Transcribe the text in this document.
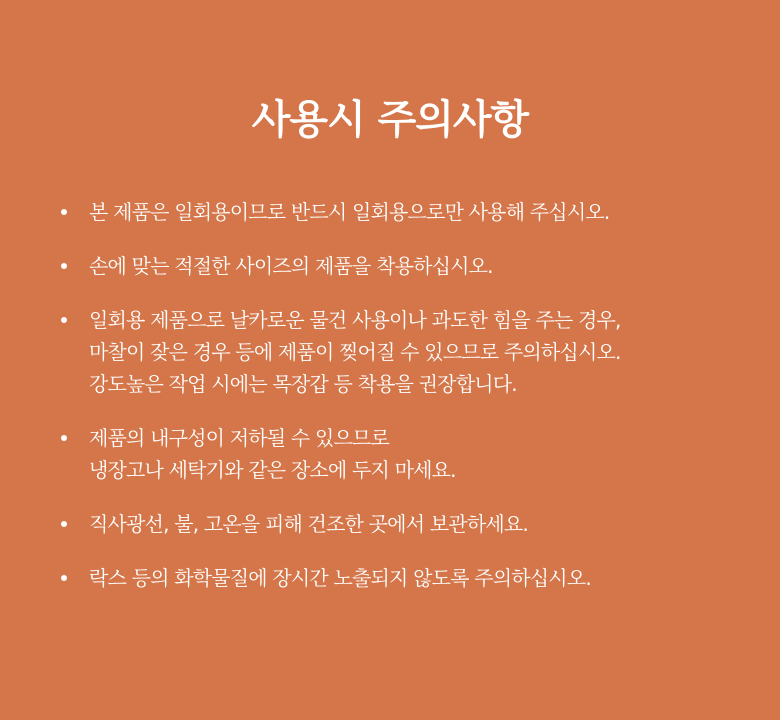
사용시 주의사항
본 제품은 일회용이므로 반드시 일회용으로만 사용해 주십시오.
손에 맞는 적절한 사이즈의 제품을 착용하십시오.
일회용 제품으로 날카로운 물건 사용이나 과도한 힘을 주는 경우,
마찰이 잦은 경우 등에 제품이 찢어질 수 있으므로 주의하십시오.
강도높은 작업 시에는 목장갑 등 착용을 권장합니다.
제품의 내구성이 저하될 수 있으므로
냉장고나 세탁기와 같은 장소에 두지 마세요.
직사광선, 불, 고온을 피해 건조한 곳에서 보관하세요.
락스 등의 화학물질에 장시간 노출되지 않도록 주의하십시오.
